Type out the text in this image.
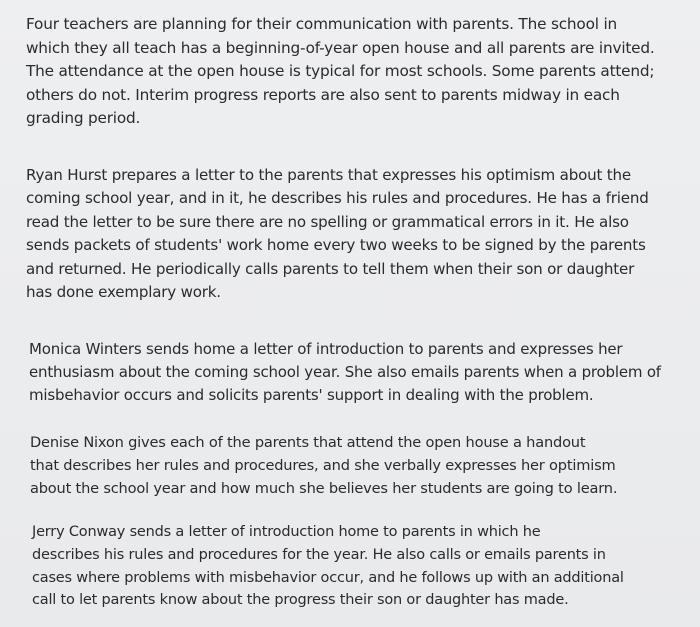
Four teachers are planning for their communication with parents. The school in
which they all teach has a beginning-of-year open house and all parents are invited.
The attendance at the open house is typical for most schools. Some parents attend;
others do not. Interim progress reports are also sent to parents midway in each
grading period.

Ryan Hurst prepares a letter to the parents that expresses his optimism about the
coming school year, and in it, he describes his rules and procedures. He has a friend
read the letter to be sure there are no spelling or grammatical errors in it. He also
sends packets of students' work home every two weeks to be signed by the parents
and returned. He periodically calls parents to tell them when their son or daughter
has done exemplary work.

Monica Winters sends home a letter of introduction to parents and expresses her
enthusiasm about the coming school year. She also emails parents when a problem of
misbehavior occurs and solicits parents' support in dealing with the problem.

Denise Nixon gives each of the parents that attend the open house a handout
that describes her rules and procedures, and she verbally expresses her optimism
about the school year and how much she believes her students are going to learn.

Jerry Conway sends a letter of introduction home to parents in which he
describes his rules and procedures for the year. He also calls or emails parents in
cases where problems with misbehavior occur, and he follows up with an additional
call to let parents know about the progress their son or daughter has made.
